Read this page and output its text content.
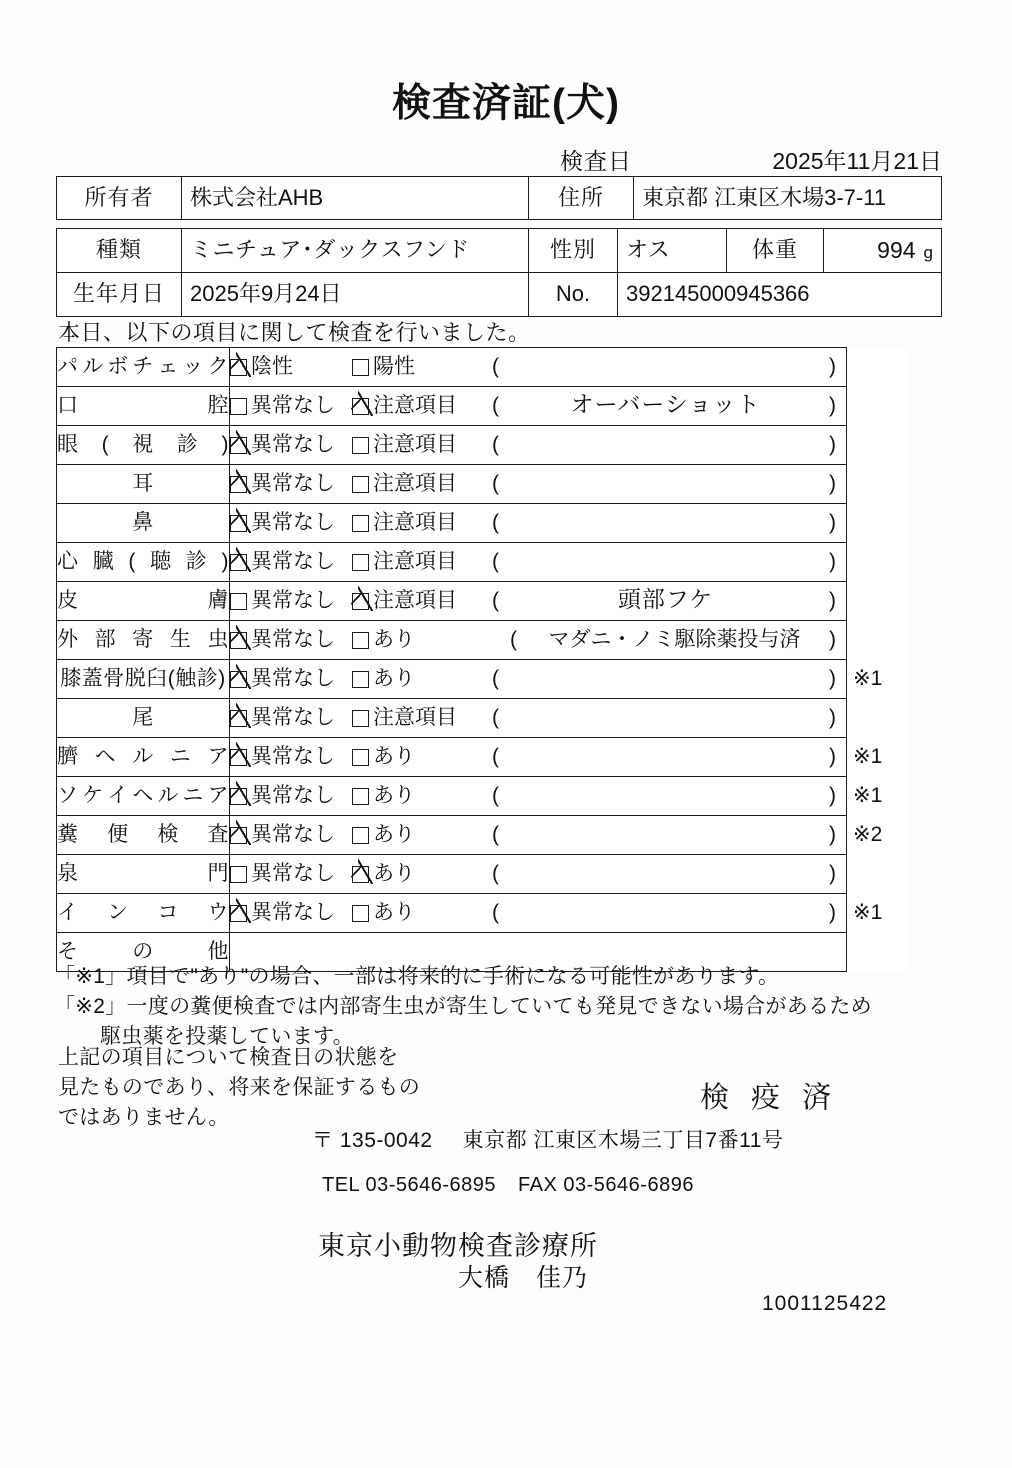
検査済証(犬)
検査日	2025年11月21日
所有者	株式会社AHB	住所	東京都 江東区木場3-7-11
種類	ミニチュア･ダックスフンド	性別	オス	体重	994 g
生年月日	2025年9月24日	No.	392145000945366		
本日、以下の項目に関して検査を行いました。
パ ル ボ チ ェ ッ ク	陰性	陽性	(	)

口 腔	異常なし 注意項目 ( オーバーショット )	

眼 ( 視 診 )	異常なし 注意項目 ( )	

耳	異常なし 注意項目 ( )	

鼻	異常なし 注意項目 ( )	

心 臓 ( 聴 診 )	異常なし 注意項目 (	)

皮 膚	異常なし 注意項目 ( 頭部フケ )	

外 部 寄 生 虫	異常なし あり ( マダニ・ノミ駆除薬投与済 )	

膝蓋骨脱臼(触診)	異常なし あり ( )	※1

尾	異常なし 注意項目 ( )	

臍 ヘ ル ニ ア	異常なし あり ( )	※1

ソ ケ イ ヘ ル ニ ア	異常なし あり	(	)	※1

糞 便 検 査	異常なし あり ( )	※2

泉 門	異常なし あり ( )	

イ ン コ ウ	異常なし あり ( )	※1

そ の 他		

「※1」項目で"あり"の場合、一部は将来的に手術になる可能性があります。
「※2」一度の糞便検査では内部寄生虫が寄生していても発見できない場合があるため
駆虫薬を投薬しています。
上記の項目について検査日の状態を
見たものであり、将来を保証するもの
ではありません。
検 疫 済
〒 135-0042 東京都 江東区木場三丁目7番11号
TEL 03-5646-6895 FAX 03-5646-6896
東京小動物検査診療所
大橋　佳乃
1001125422
